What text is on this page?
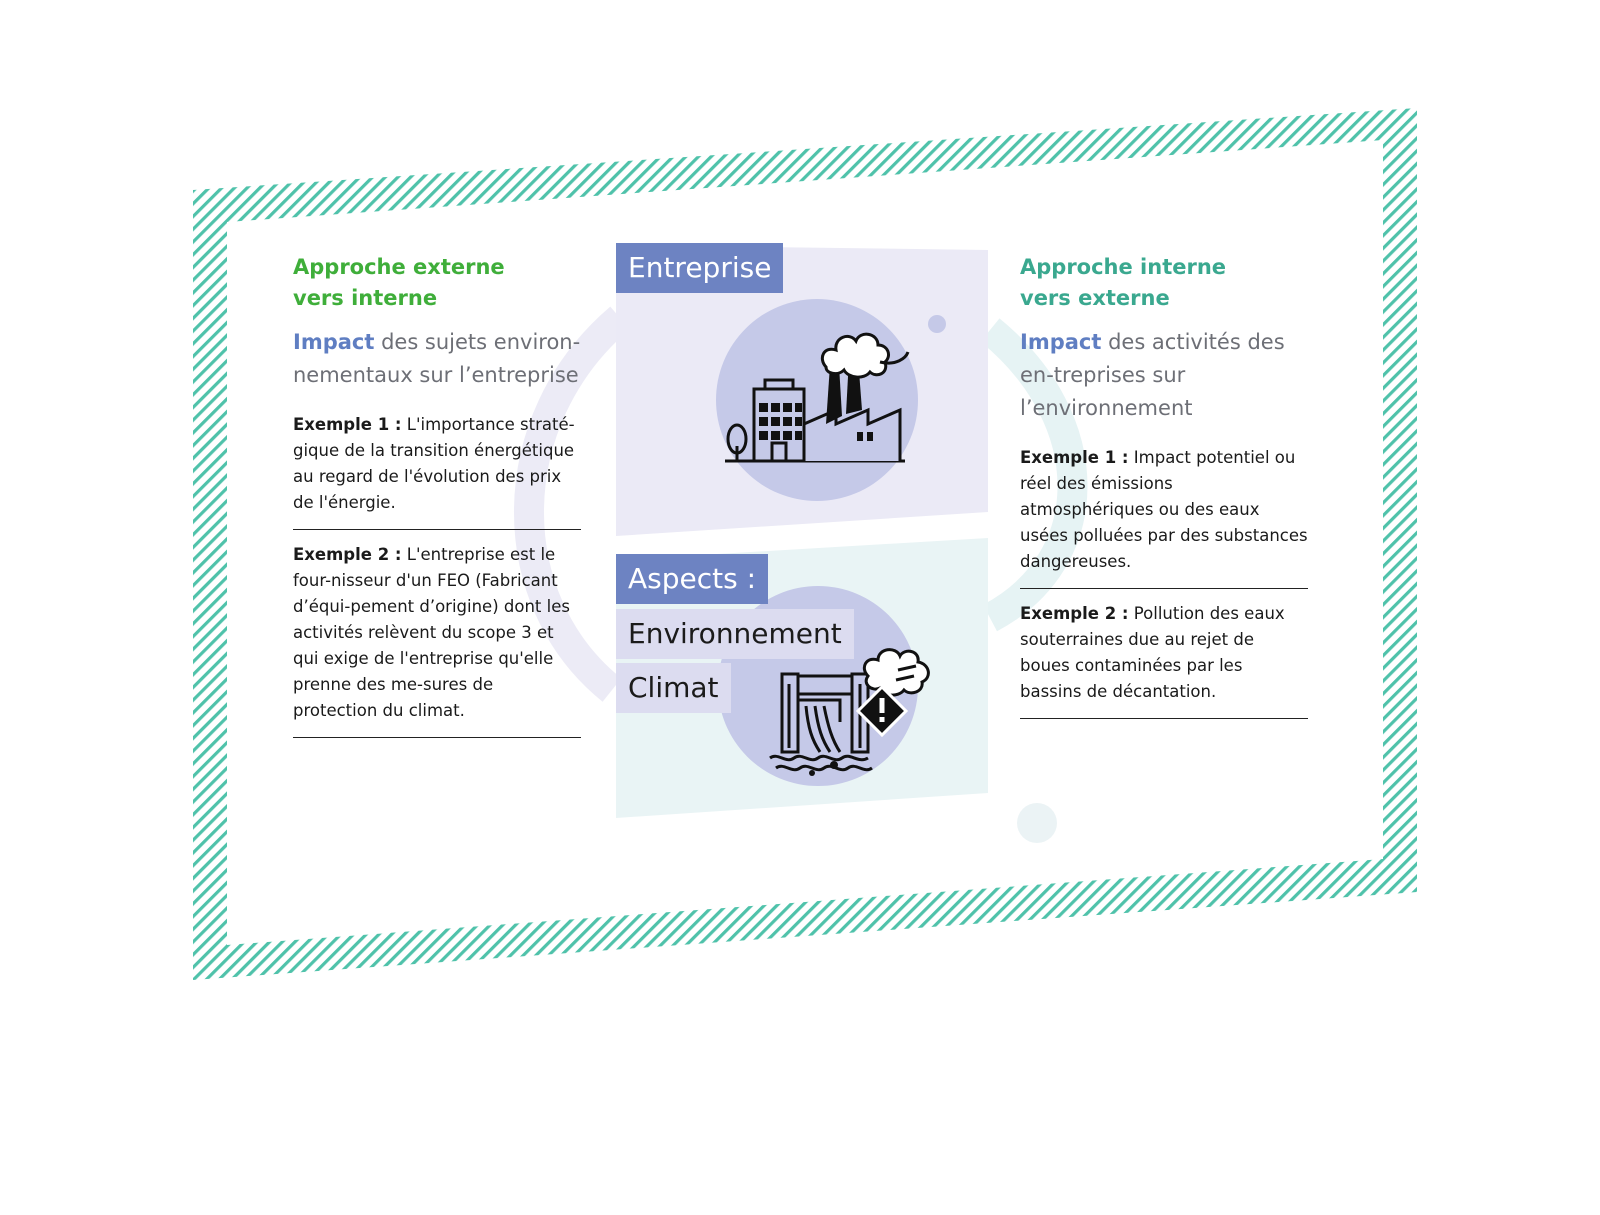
Entreprise
Aspects :
Environnement
Climat
Approche externe
vers interne

Impact des sujets environ-nementaux sur l’entreprise

Exemple 1 : L'importance straté-gique de la transition énergétique au regard de l'évolution des prix de l'énergie.

Exemple 2 : L'entreprise est le four-nisseur d'un FEO (Fabricant d’équi-pement d’origine) dont les activités relèvent du scope 3 et qui exige de l'entreprise qu'elle prenne des me-sures de protection du climat.

Approche interne
vers externe

Impact des activités des en-treprises sur l’environnement

Exemple 1 : Impact potentiel ou réel des émissions atmosphériques ou des eaux usées polluées par des substances dangereuses.

Exemple 2 : Pollution des eaux souterraines due au rejet de boues contaminées par les bassins de décantation.
